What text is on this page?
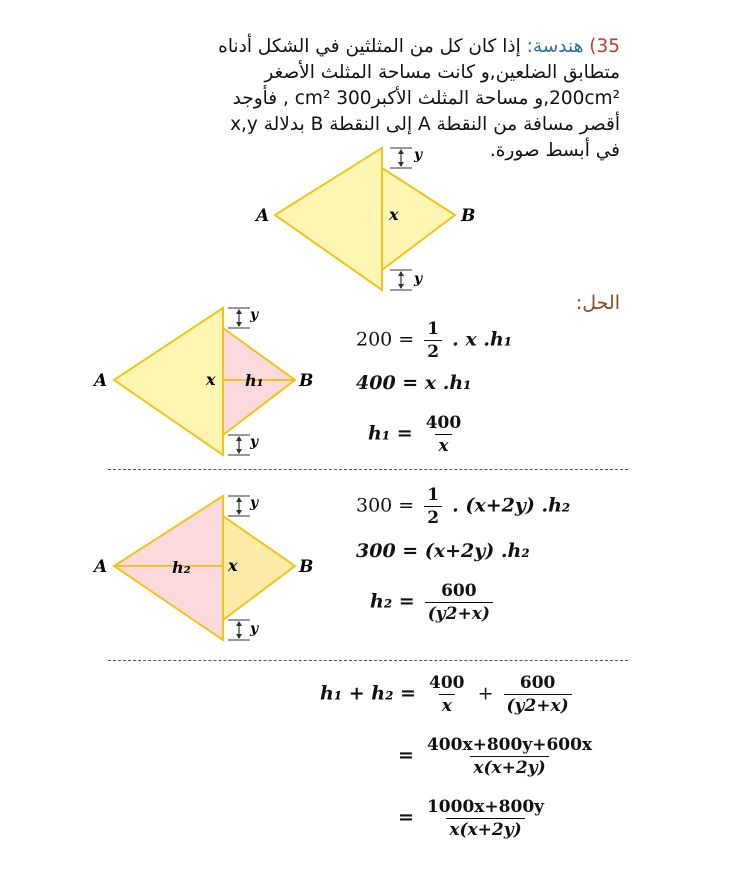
35) هندسة: إذا كان كل من المثلثين في الشكل أدناه
متطابق الضلعين,و كانت مساحة المثلث الأصغر
200cm²,و مساحة المثلث الأكبر300 cm² , فأوجد
أقصر مسافة من النقطة A إلى النقطة B بدلالة x,y
في أبسط صورة.
A	B
x
y
y
الحل:
A	B
x h₁
y
y
$200 = \frac{1}{2}$ . x .h₁
400 = x .h₁
$h_1 = \frac{400}{x}$
A	B
h₂ x
y
y
$300 = \frac{1}{2}$ . (x+2y) .h₂
300 = (x+2y) .h₂
$h_2 = \frac{600}{(y2+x)}$
$h_1 + h_2 = \frac{400}{x} + \frac{600}{(y2+x)}$
= $\frac{400x+800y+600x}{x(x+2y)}$
= $\frac{1000x+800y}{x(x+2y)}$
